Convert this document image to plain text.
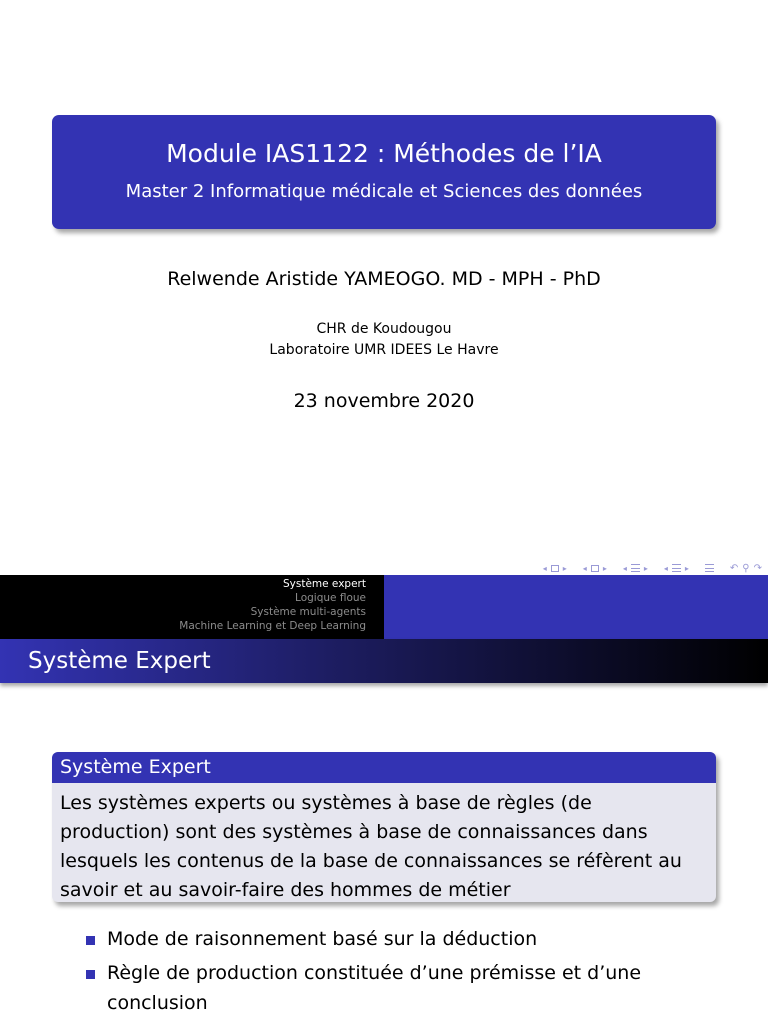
Module IAS1122 : Méthodes de l’IA
Master 2 Informatique médicale et Sciences des données
Relwende Aristide YAMEOGO. MD - MPH - PhD
CHR de Koudougou
Laboratoire UMR IDEES Le Havre
23 novembre 2020
◂ ▸ ◂ ▸ ◂ ▸ ◂ ▸	↶ ⚲ ↷
Système expert
Logique floue
Système multi-agents
Machine Learning et Deep Learning
Système Expert
Système Expert
Les systèmes experts ou systèmes à base de règles (de production) sont des systèmes à base de connaissances dans lesquels les contenus de la base de connaissances se réfèrent au savoir et au savoir-faire des hommes de métier
Mode de raisonnement basé sur la déduction
Règle de production constituée d’une prémisse et d’une conclusion
